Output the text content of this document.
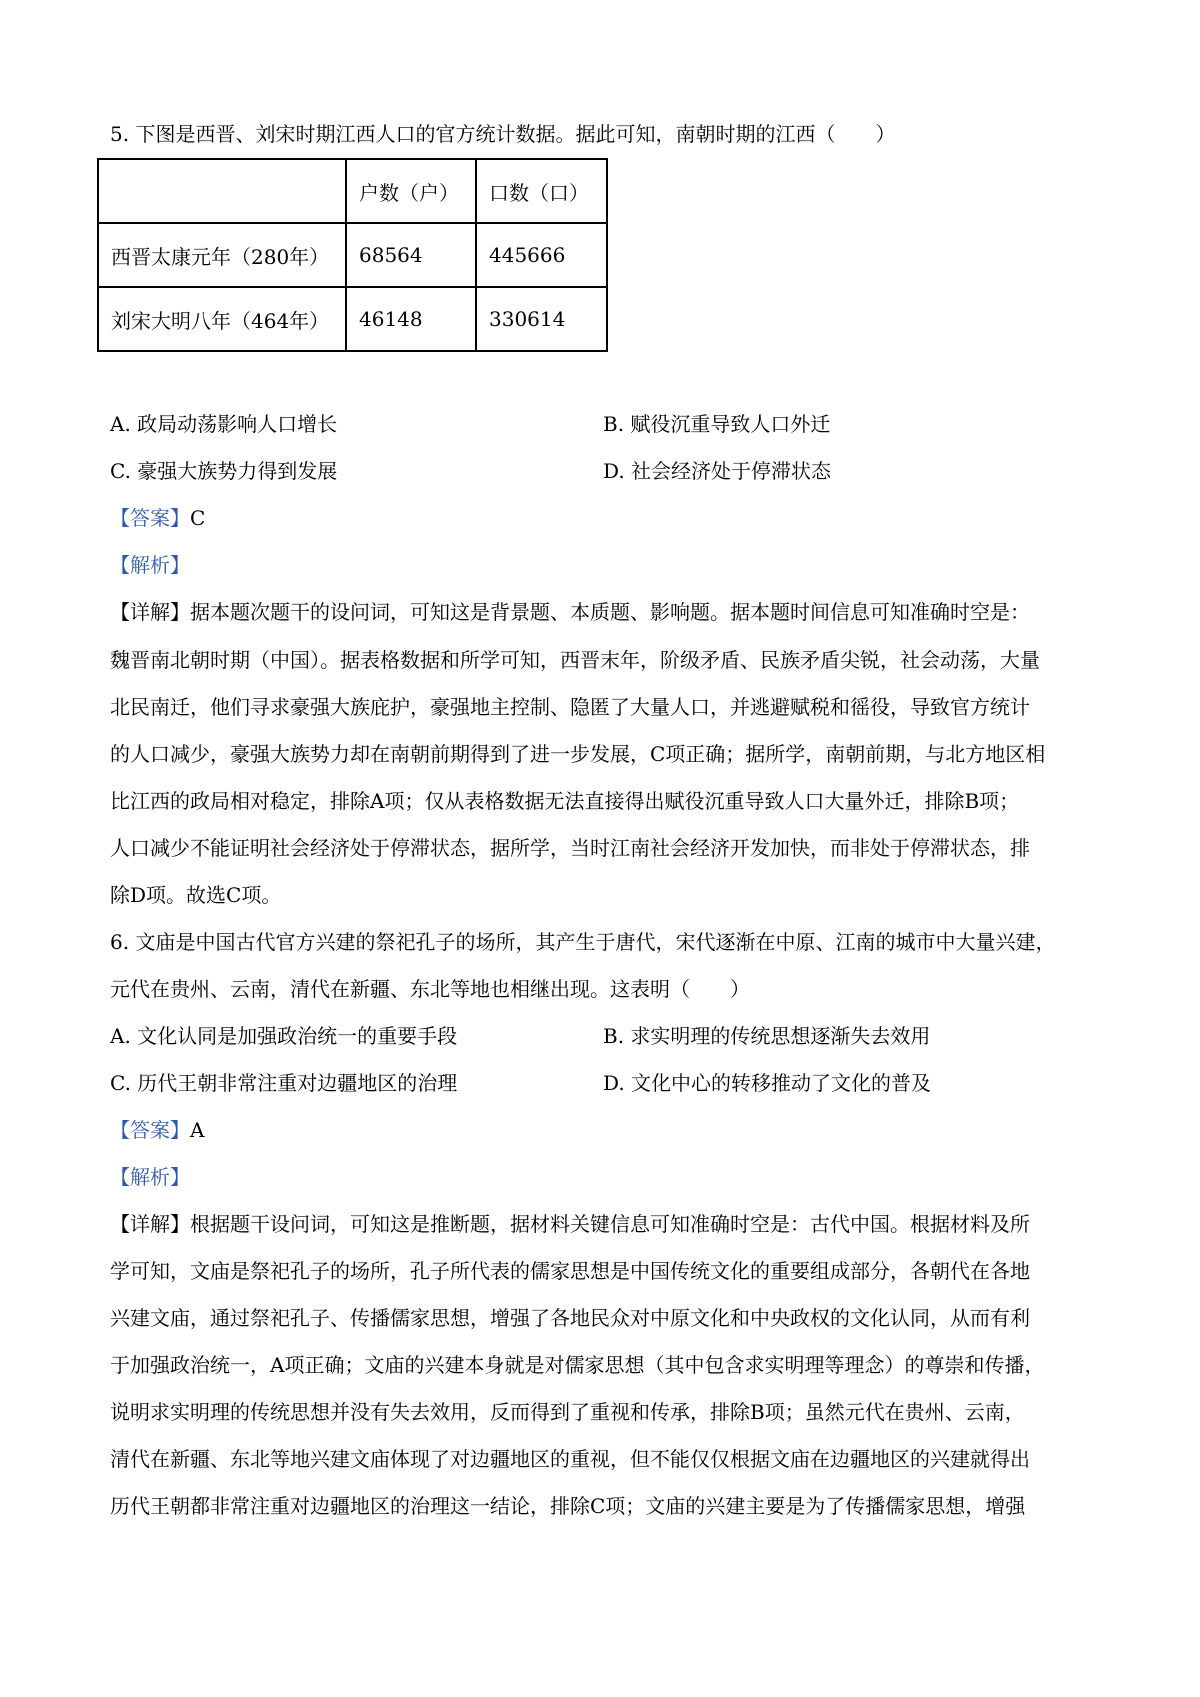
5. 下图是西晋、刘宋时期江西人口的官方统计数据。据此可知，南朝时期的江西（　　）
	户数（户）	口数（口）
西晋太康元年（280年）	68564	445666
刘宋大明八年（464年）	46148	330614
A. 政局动荡影响人口增长	B. 赋役沉重导致人口外迁
C. 豪强大族势力得到发展	D. 社会经济处于停滞状态
【答案】C
【解析】
【详解】据本题次题干的设问词，可知这是背景题、本质题、影响题。据本题时间信息可知准确时空是：
魏晋南北朝时期（中国）。据表格数据和所学可知，西晋末年，阶级矛盾、民族矛盾尖锐，社会动荡，大量
北民南迁，他们寻求豪强大族庇护，豪强地主控制、隐匿了大量人口，并逃避赋税和徭役，导致官方统计
的人口减少，豪强大族势力却在南朝前期得到了进一步发展，C项正确；据所学，南朝前期，与北方地区相
比江西的政局相对稳定，排除A项；仅从表格数据无法直接得出赋役沉重导致人口大量外迁，排除B项；
人口减少不能证明社会经济处于停滞状态，据所学，当时江南社会经济开发加快，而非处于停滞状态，排
除D项。故选C项。
6. 文庙是中国古代官方兴建的祭祀孔子的场所，其产生于唐代，宋代逐渐在中原、江南的城市中大量兴建，
元代在贵州、云南，清代在新疆、东北等地也相继出现。这表明（　　）
A. 文化认同是加强政治统一的重要手段	B. 求实明理的传统思想逐渐失去效用
C. 历代王朝非常注重对边疆地区的治理	D. 文化中心的转移推动了文化的普及
【答案】A
【解析】
【详解】根据题干设问词，可知这是推断题，据材料关键信息可知准确时空是：古代中国。根据材料及所
学可知，文庙是祭祀孔子的场所，孔子所代表的儒家思想是中国传统文化的重要组成部分，各朝代在各地
兴建文庙，通过祭祀孔子、传播儒家思想，增强了各地民众对中原文化和中央政权的文化认同，从而有利
于加强政治统一，A项正确；文庙的兴建本身就是对儒家思想（其中包含求实明理等理念）的尊崇和传播，
说明求实明理的传统思想并没有失去效用，反而得到了重视和传承，排除B项；虽然元代在贵州、云南，
清代在新疆、东北等地兴建文庙体现了对边疆地区的重视，但不能仅仅根据文庙在边疆地区的兴建就得出
历代王朝都非常注重对边疆地区的治理这一结论，排除C项；文庙的兴建主要是为了传播儒家思想，增强
